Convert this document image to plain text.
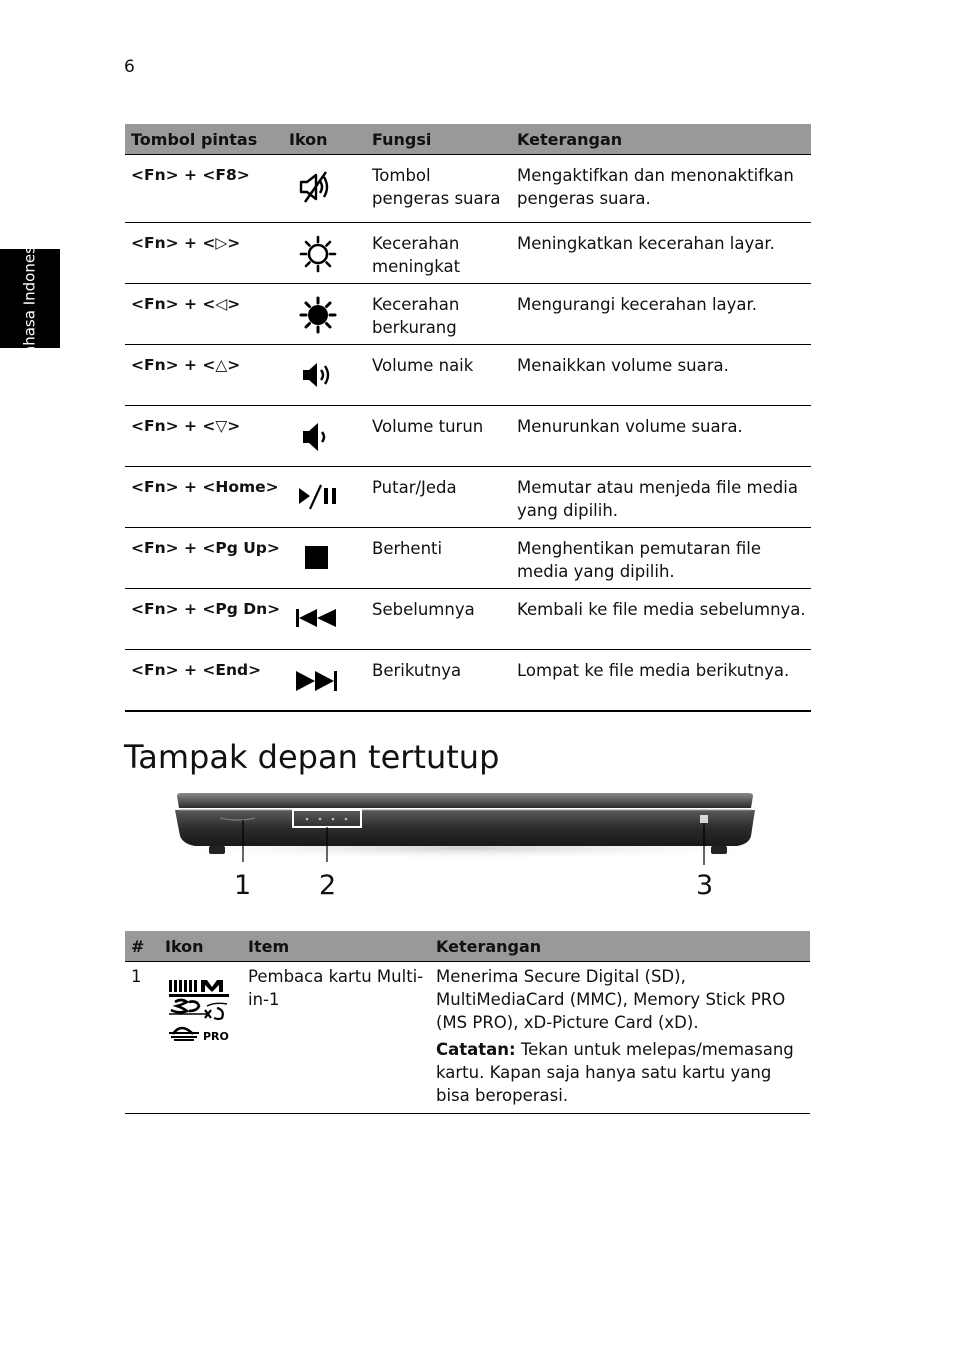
6
Bahasa Indonesia
Tombol pintas	Ikon	Fungsi	Keterangan
<Fn> + <F8>		Tombol pengeras suara	Mengaktifkan dan menonaktifkan pengeras suara.
<Fn> + <▷>		Kecerahan meningkat	Meningkatkan kecerahan layar.
<Fn> + <◁>		Kecerahan berkurang	Mengurangi kecerahan layar.
<Fn> + <△>		Volume naik	Menaikkan volume suara.
<Fn> + <▽>		Volume turun	Menurunkan volume suara.
<Fn> + <Home>		Putar/Jeda	Memutar atau menjeda file media yang dipilih.
<Fn> + <Pg Up>		Berhenti	Menghentikan pemutaran file media yang dipilih.
<Fn> + <Pg Dn>		Sebelumnya	Kembali ke file media sebelumnya.
<Fn> + <End>		Berikutnya	Lompat ke file media berikutnya.
Tampak depan tertutup
1	2	3
#	Ikon	Item	Keterangan
1	PRO	Pembaca kartu Multi-in-1	Menerima Secure Digital (SD), MultiMediaCard (MMC), Memory Stick PRO (MS PRO), xD-Picture Card (xD).
Catatan: Tekan untuk melepas/memasang kartu. Kapan saja hanya satu kartu yang bisa beroperasi.
